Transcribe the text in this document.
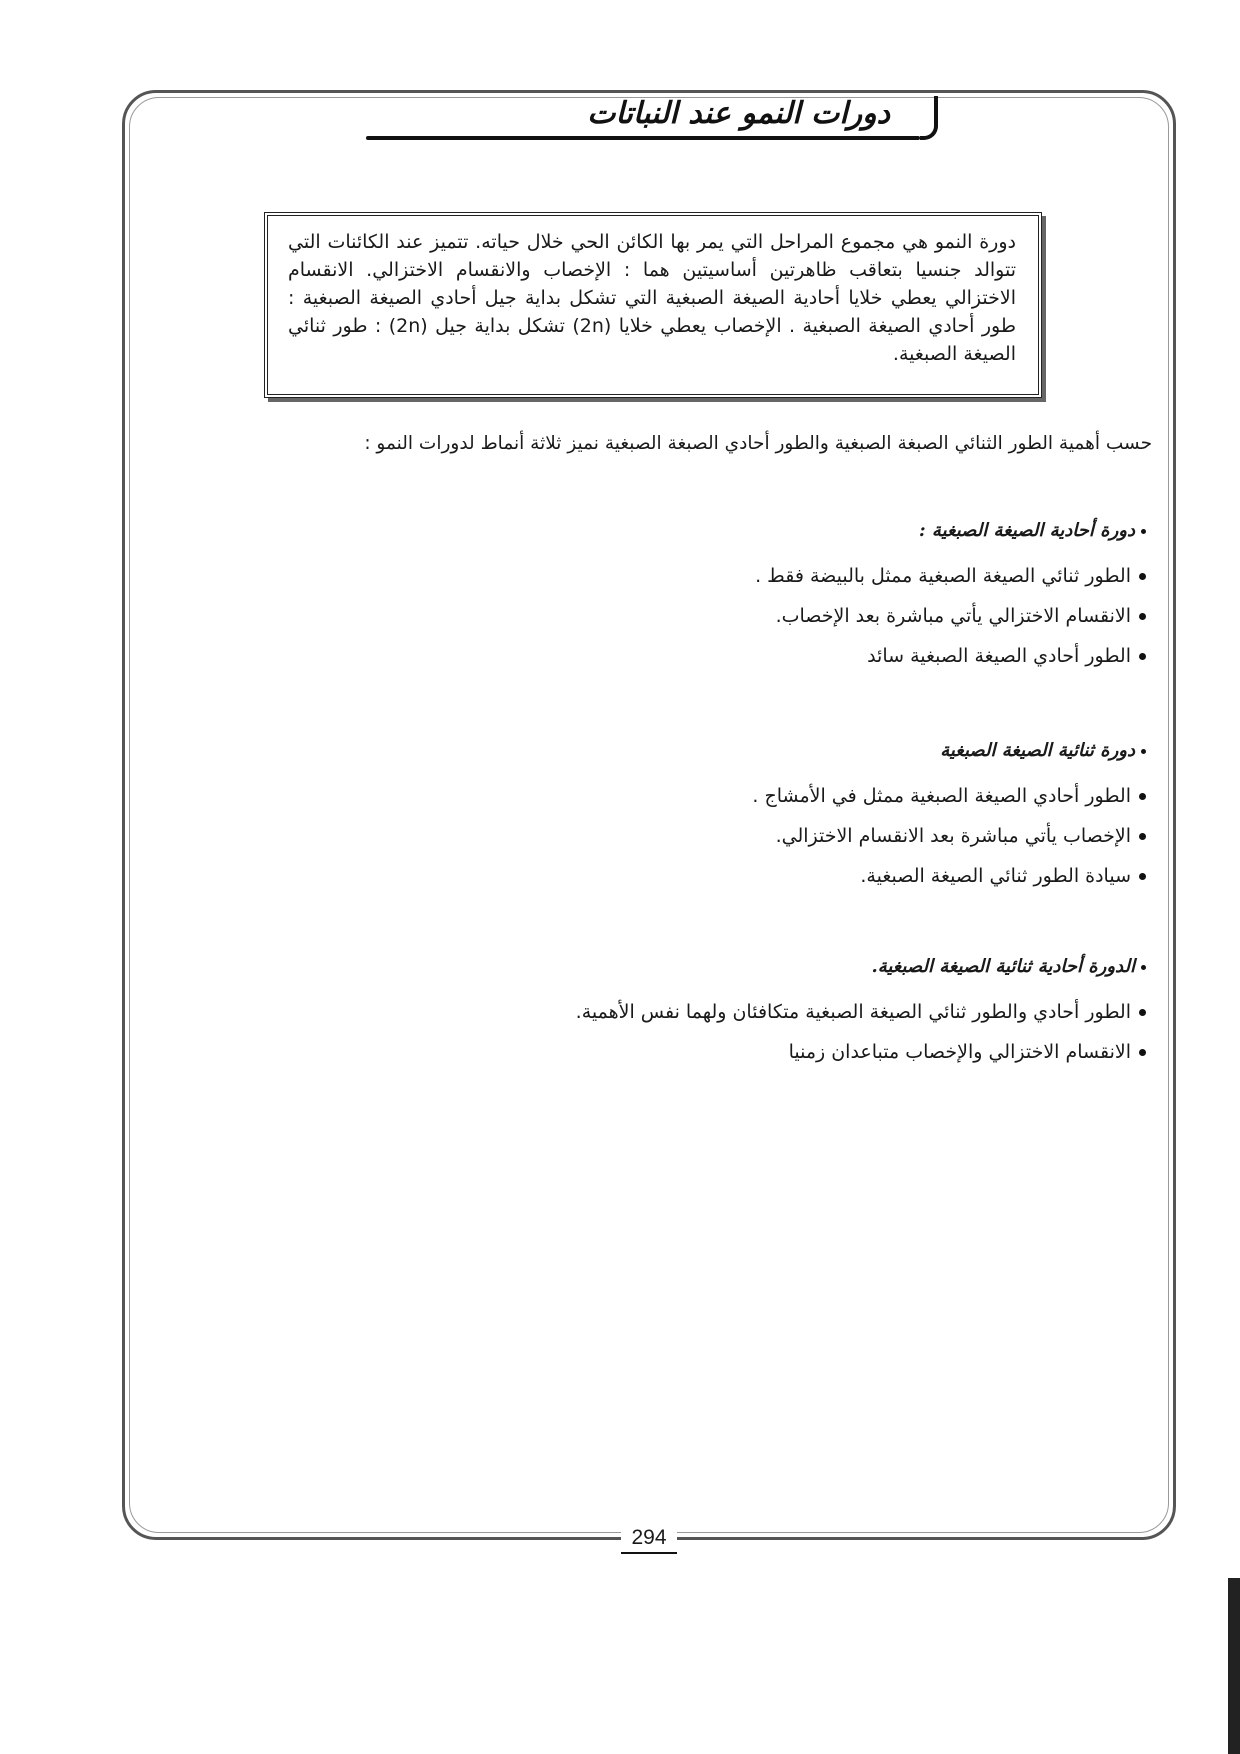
دورات النمو عند النباتات
دورة النمو هي مجموع المراحل التي يمر بها الكائن الحي خلال حياته. تتميز عند الكائنات التي تتوالد جنسيا بتعاقب ظاهرتين أساسيتين هما : الإخصاب والانقسام الاختزالي. الانقسام الاختزالي يعطي خلايا أحادية الصيغة الصبغية التي تشكل بداية جيل أحادي الصيغة الصبغية : طور أحادي الصيغة الصبغية . الإخصاب يعطي خلايا (2n) تشكل بداية جيل (2n) : طور ثنائي الصيغة الصبغية.
حسب أهمية الطور الثنائي الصبغة الصبغية والطور أحادي الصبغة الصبغية نميز ثلاثة أنماط لدورات النمو :
دورة أحادية الصيغة الصبغية :
الطور ثنائي الصيغة الصبغية ممثل بالبيضة فقط .
الانقسام الاختزالي يأتي مباشرة بعد الإخصاب.
الطور أحادي الصيغة الصبغية سائد
دورة ثنائية الصيغة الصبغية
الطور أحادي الصيغة الصبغية ممثل في الأمشاج .
الإخصاب يأتي مباشرة بعد الانقسام الاختزالي.
سيادة الطور ثنائي الصيغة الصبغية.
الدورة أحادية ثنائية الصيغة الصبغية.
الطور أحادي والطور ثنائي الصيغة الصبغية متكافئان ولهما نفس الأهمية.
الانقسام الاختزالي والإخصاب متباعدان زمنيا
294
